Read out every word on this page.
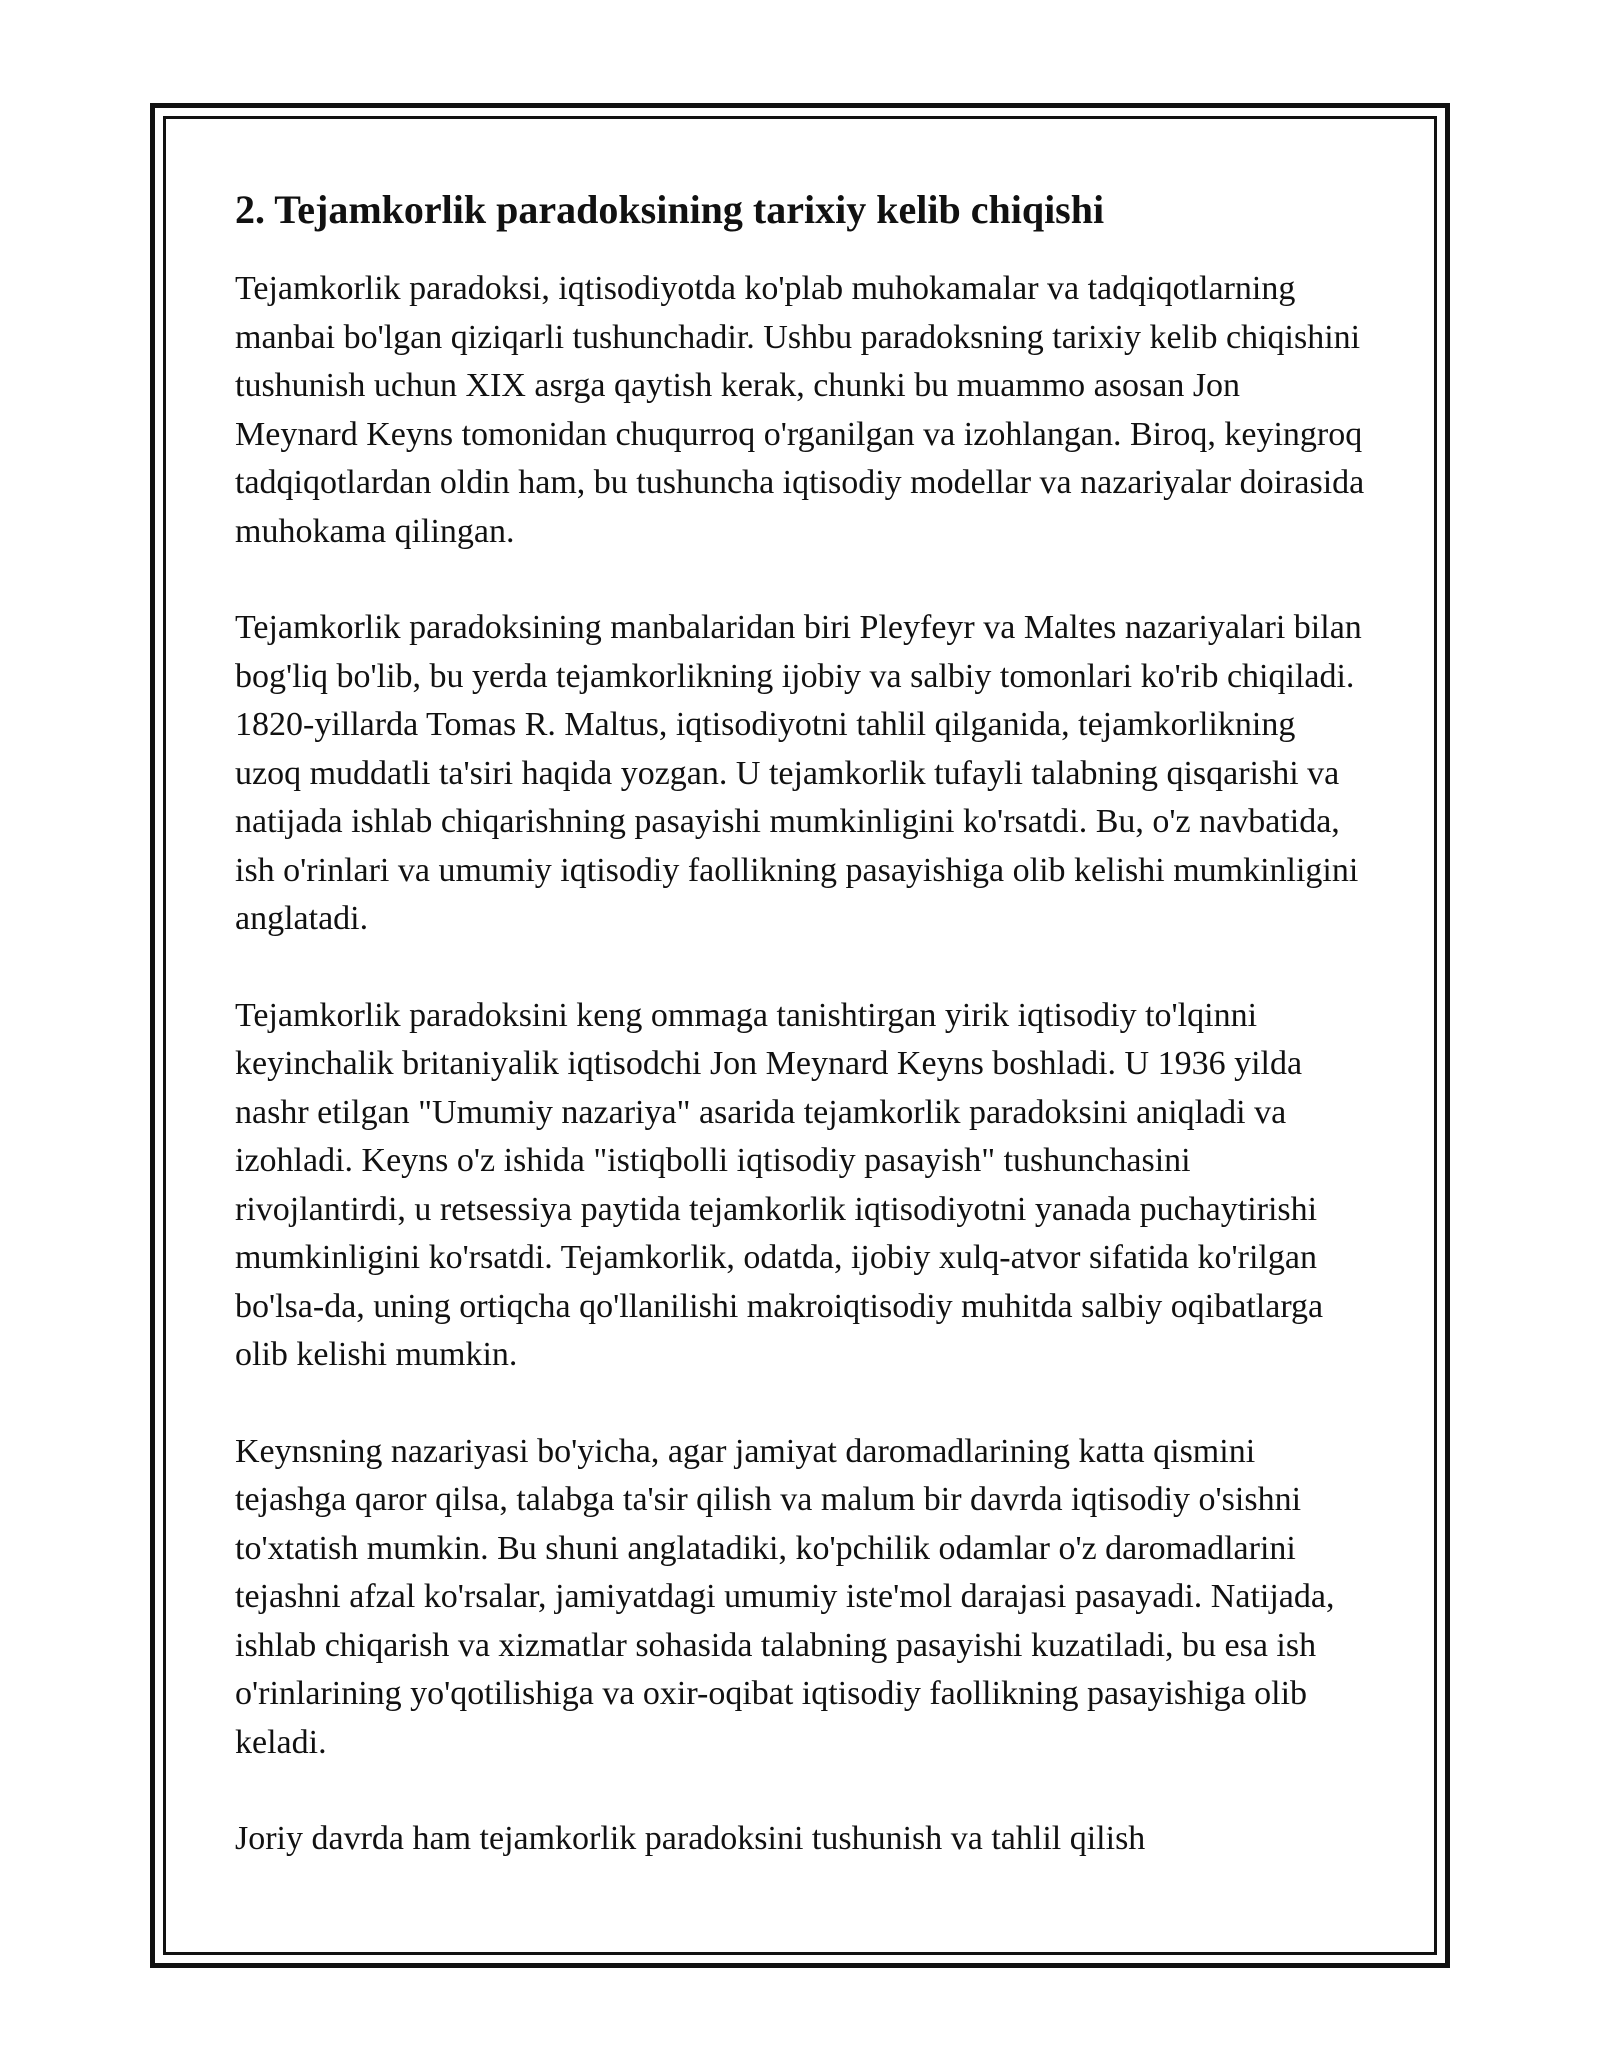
2. Tejamkorlik paradoksining tarixiy kelib chiqishi

Tejamkorlik paradoksi, iqtisodiyotda ko'plab muhokamalar va tadqiqotlarning manbai bo'lgan qiziqarli tushunchadir. Ushbu paradoksning tarixiy kelib chiqishini tushunish uchun XIX asrga qaytish kerak, chunki bu muammo asosan Jon Meynard Keyns tomonidan chuqurroq o'rganilgan va izohlangan. Biroq, keyingroq tadqiqotlardan oldin ham, bu tushuncha iqtisodiy modellar va nazariyalar doirasida muhokama qilingan.

Tejamkorlik paradoksining manbalaridan biri Pleyfeyr va Maltes nazariyalari bilan bog'liq bo'lib, bu yerda tejamkorlikning ijobiy va salbiy tomonlari ko'rib chiqiladi. 1820-yillarda Tomas R. Maltus, iqtisodiyotni tahlil qilganida, tejamkorlikning uzoq muddatli ta'siri haqida yozgan. U tejamkorlik tufayli talabning qisqarishi va natijada ishlab chiqarishning pasayishi mumkinligini ko'rsatdi. Bu, o'z navbatida, ish o'rinlari va umumiy iqtisodiy faollikning pasayishiga olib kelishi mumkinligini anglatadi.

Tejamkorlik paradoksini keng ommaga tanishtirgan yirik iqtisodiy to'lqinni keyinchalik britaniyalik iqtisodchi Jon Meynard Keyns boshladi. U 1936 yilda nashr etilgan "Umumiy nazariya" asarida tejamkorlik paradoksini aniqladi va izohladi. Keyns o'z ishida "istiqbolli iqtisodiy pasayish" tushunchasini rivojlantirdi, u retsessiya paytida tejamkorlik iqtisodiyotni yanada puchaytirishi mumkinligini ko'rsatdi. Tejamkorlik, odatda, ijobiy xulq-atvor sifatida ko'rilgan bo'lsa-da, uning ortiqcha qo'llanilishi makroiqtisodiy muhitda salbiy oqibatlarga olib kelishi mumkin.

Keynsning nazariyasi bo'yicha, agar jamiyat daromadlarining katta qismini tejashga qaror qilsa, talabga ta'sir qilish va malum bir davrda iqtisodiy o'sishni to'xtatish mumkin. Bu shuni anglatadiki, ko'pchilik odamlar o'z daromadlarini tejashni afzal ko'rsalar, jamiyatdagi umumiy iste'mol darajasi pasayadi. Natijada, ishlab chiqarish va xizmatlar sohasida talabning pasayishi kuzatiladi, bu esa ish o'rinlarining yo'qotilishiga va oxir-oqibat iqtisodiy faollikning pasayishiga olib keladi.

Joriy davrda ham tejamkorlik paradoksini tushunish va tahlil qilish
